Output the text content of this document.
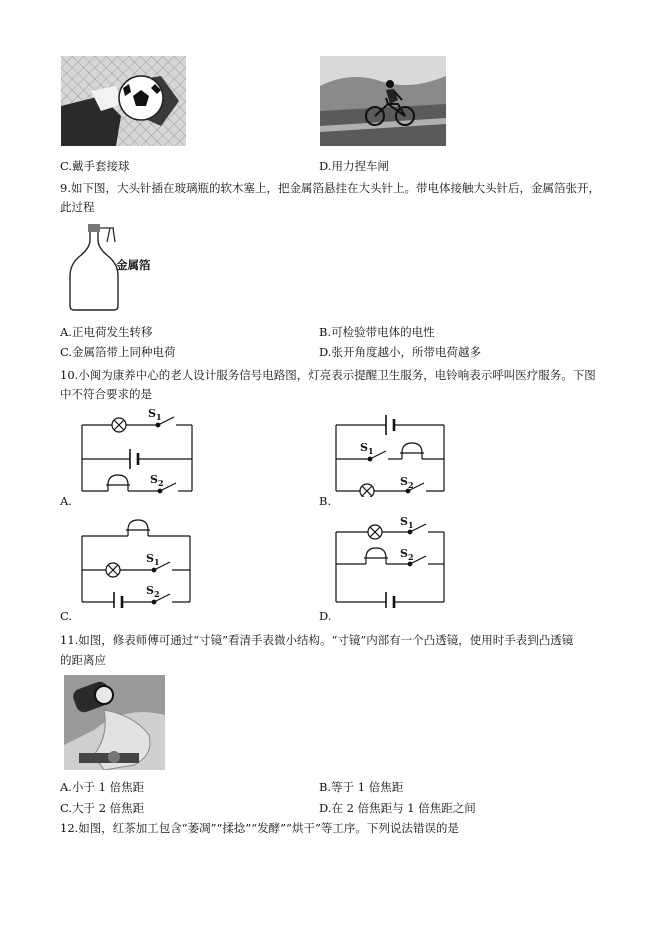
C.戴手套接球	D.用力捏车闸
9.如下图，大头针插在玻璃瓶的软木塞上，把金属箔悬挂在大头针上。带电体接触大头针后，金属箔张开，
此过程
金属箔
A.正电荷发生转移	B.可检验带电体的电性
C.金属箔带上同种电荷	D.张开角度越小，所带电荷越多
10.小闽为康养中心的老人设计服务信号电路图，灯亮表示提醒卫生服务，电铃响表示呼叫医疗服务。下图
中不符合要求的是
$S_1$
$S_2$
A.
$S_1$
$S_2$
B.
$S_1$
$S_2$
C.
$S_1$
$S_2$
D.
11.如图，修表师傅可通过“寸镜”看清手表微小结构。“寸镜”内部有一个凸透镜，使用时手表到凸透镜
的距离应
A.小于 1 倍焦距	B.等于 1 倍焦距
C.大于 2 倍焦距	D.在 2 倍焦距与 1 倍焦距之间
12.如图，红茶加工包含“萎凋”“揉捻”“发酵”“烘干”等工序。下列说法错误的是
